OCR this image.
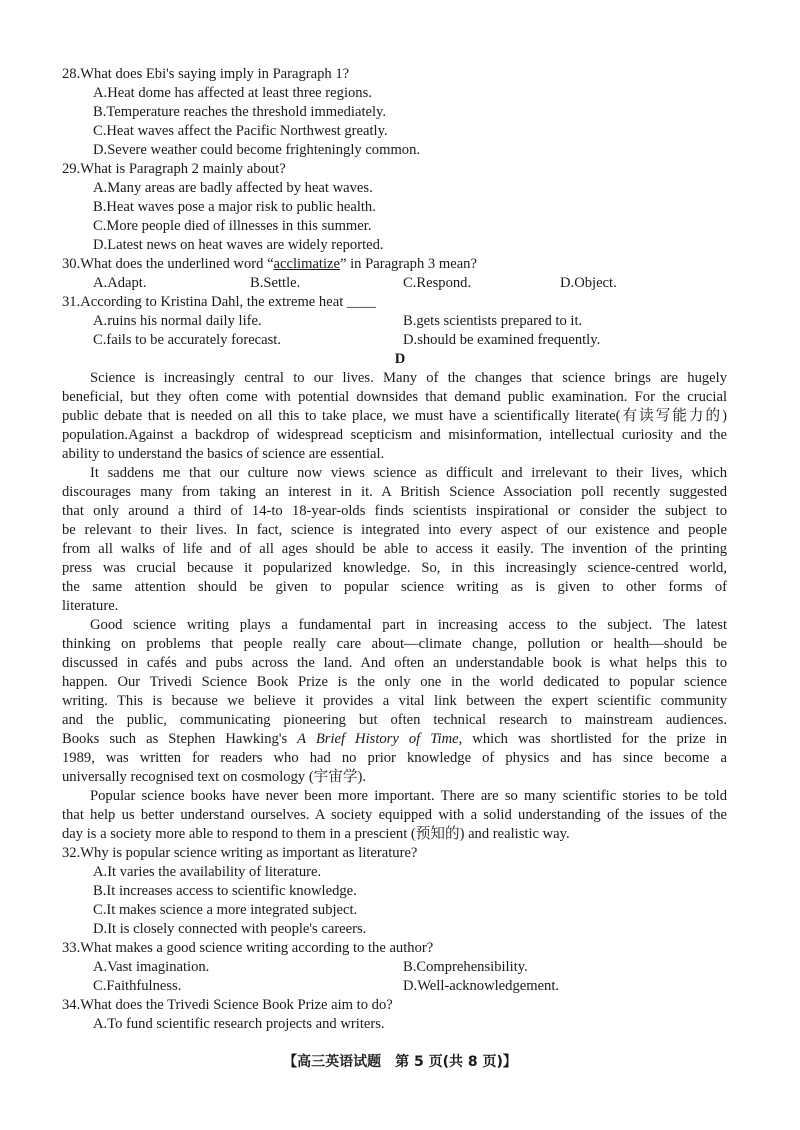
28.What does Ebi's saying imply in Paragraph 1?
A.Heat dome has affected at least three regions.
B.Temperature reaches the threshold immediately.
C.Heat waves affect the Pacific Northwest greatly.
D.Severe weather could become frighteningly common.
29.What is Paragraph 2 mainly about?
A.Many areas are badly affected by heat waves.
B.Heat waves pose a major risk to public health.
C.More people died of illnesses in this summer.
D.Latest news on heat waves are widely reported.
30.What does the underlined word “acclimatize” in Paragraph 3 mean?
A.Adapt.	B.Settle.	C.Respond.	D.Object.
31.According to Kristina Dahl, the extreme heat ____
A.ruins his normal daily life.	B.gets scientists prepared to it.
C.fails to be accurately forecast.	D.should be examined frequently.
D
Science is increasingly central to our lives. Many of the changes that science brings are hugely
beneficial, but they often come with potential downsides that demand public examination. For the crucial
public debate that is needed on all this to take place, we must have a scientifically literate(有读写能力的)
population.Against a backdrop of widespread scepticism and misinformation, intellectual curiosity and the
ability to understand the basics of science are essential.
It saddens me that our culture now views science as difficult and irrelevant to their lives, which
discourages many from taking an interest in it. A British Science Association poll recently suggested
that only around a third of 14-to 18-year-olds finds scientists inspirational or consider the subject to
be relevant to their lives. In fact, science is integrated into every aspect of our existence and people
from all walks of life and of all ages should be able to access it easily. The invention of the printing
press was crucial because it popularized knowledge. So, in this increasingly science-centred world,
the same attention should be given to popular science writing as is given to other forms of
literature.
Good science writing plays a fundamental part in increasing access to the subject. The latest
thinking on problems that people really care about—climate change, pollution or health—should be
discussed in cafés and pubs across the land. And often an understandable book is what helps this to
happen. Our Trivedi Science Book Prize is the only one in the world dedicated to popular science
writing. This is because we believe it provides a vital link between the expert scientific community
and the public, communicating pioneering but often technical research to mainstream audiences.
Books such as Stephen Hawking's A Brief History of Time, which was shortlisted for the prize in
1989, was written for readers who had no prior knowledge of physics and has since become a
universally recognised text on cosmology (宇宙学).
Popular science books have never been more important. There are so many scientific stories to be told
that help us better understand ourselves. A society equipped with a solid understanding of the issues of the
day is a society more able to respond to them in a prescient (预知的) and realistic way.
32.Why is popular science writing as important as literature?
A.It varies the availability of literature.
B.It increases access to scientific knowledge.
C.It makes science a more integrated subject.
D.It is closely connected with people's careers.
33.What makes a good science writing according to the author?
A.Vast imagination.	B.Comprehensibility.
C.Faithfulness.	D.Well-acknowledgement.
34.What does the Trivedi Science Book Prize aim to do?
A.To fund scientific research projects and writers.
【高三英语试题　第 5 页(共 8 页)】
